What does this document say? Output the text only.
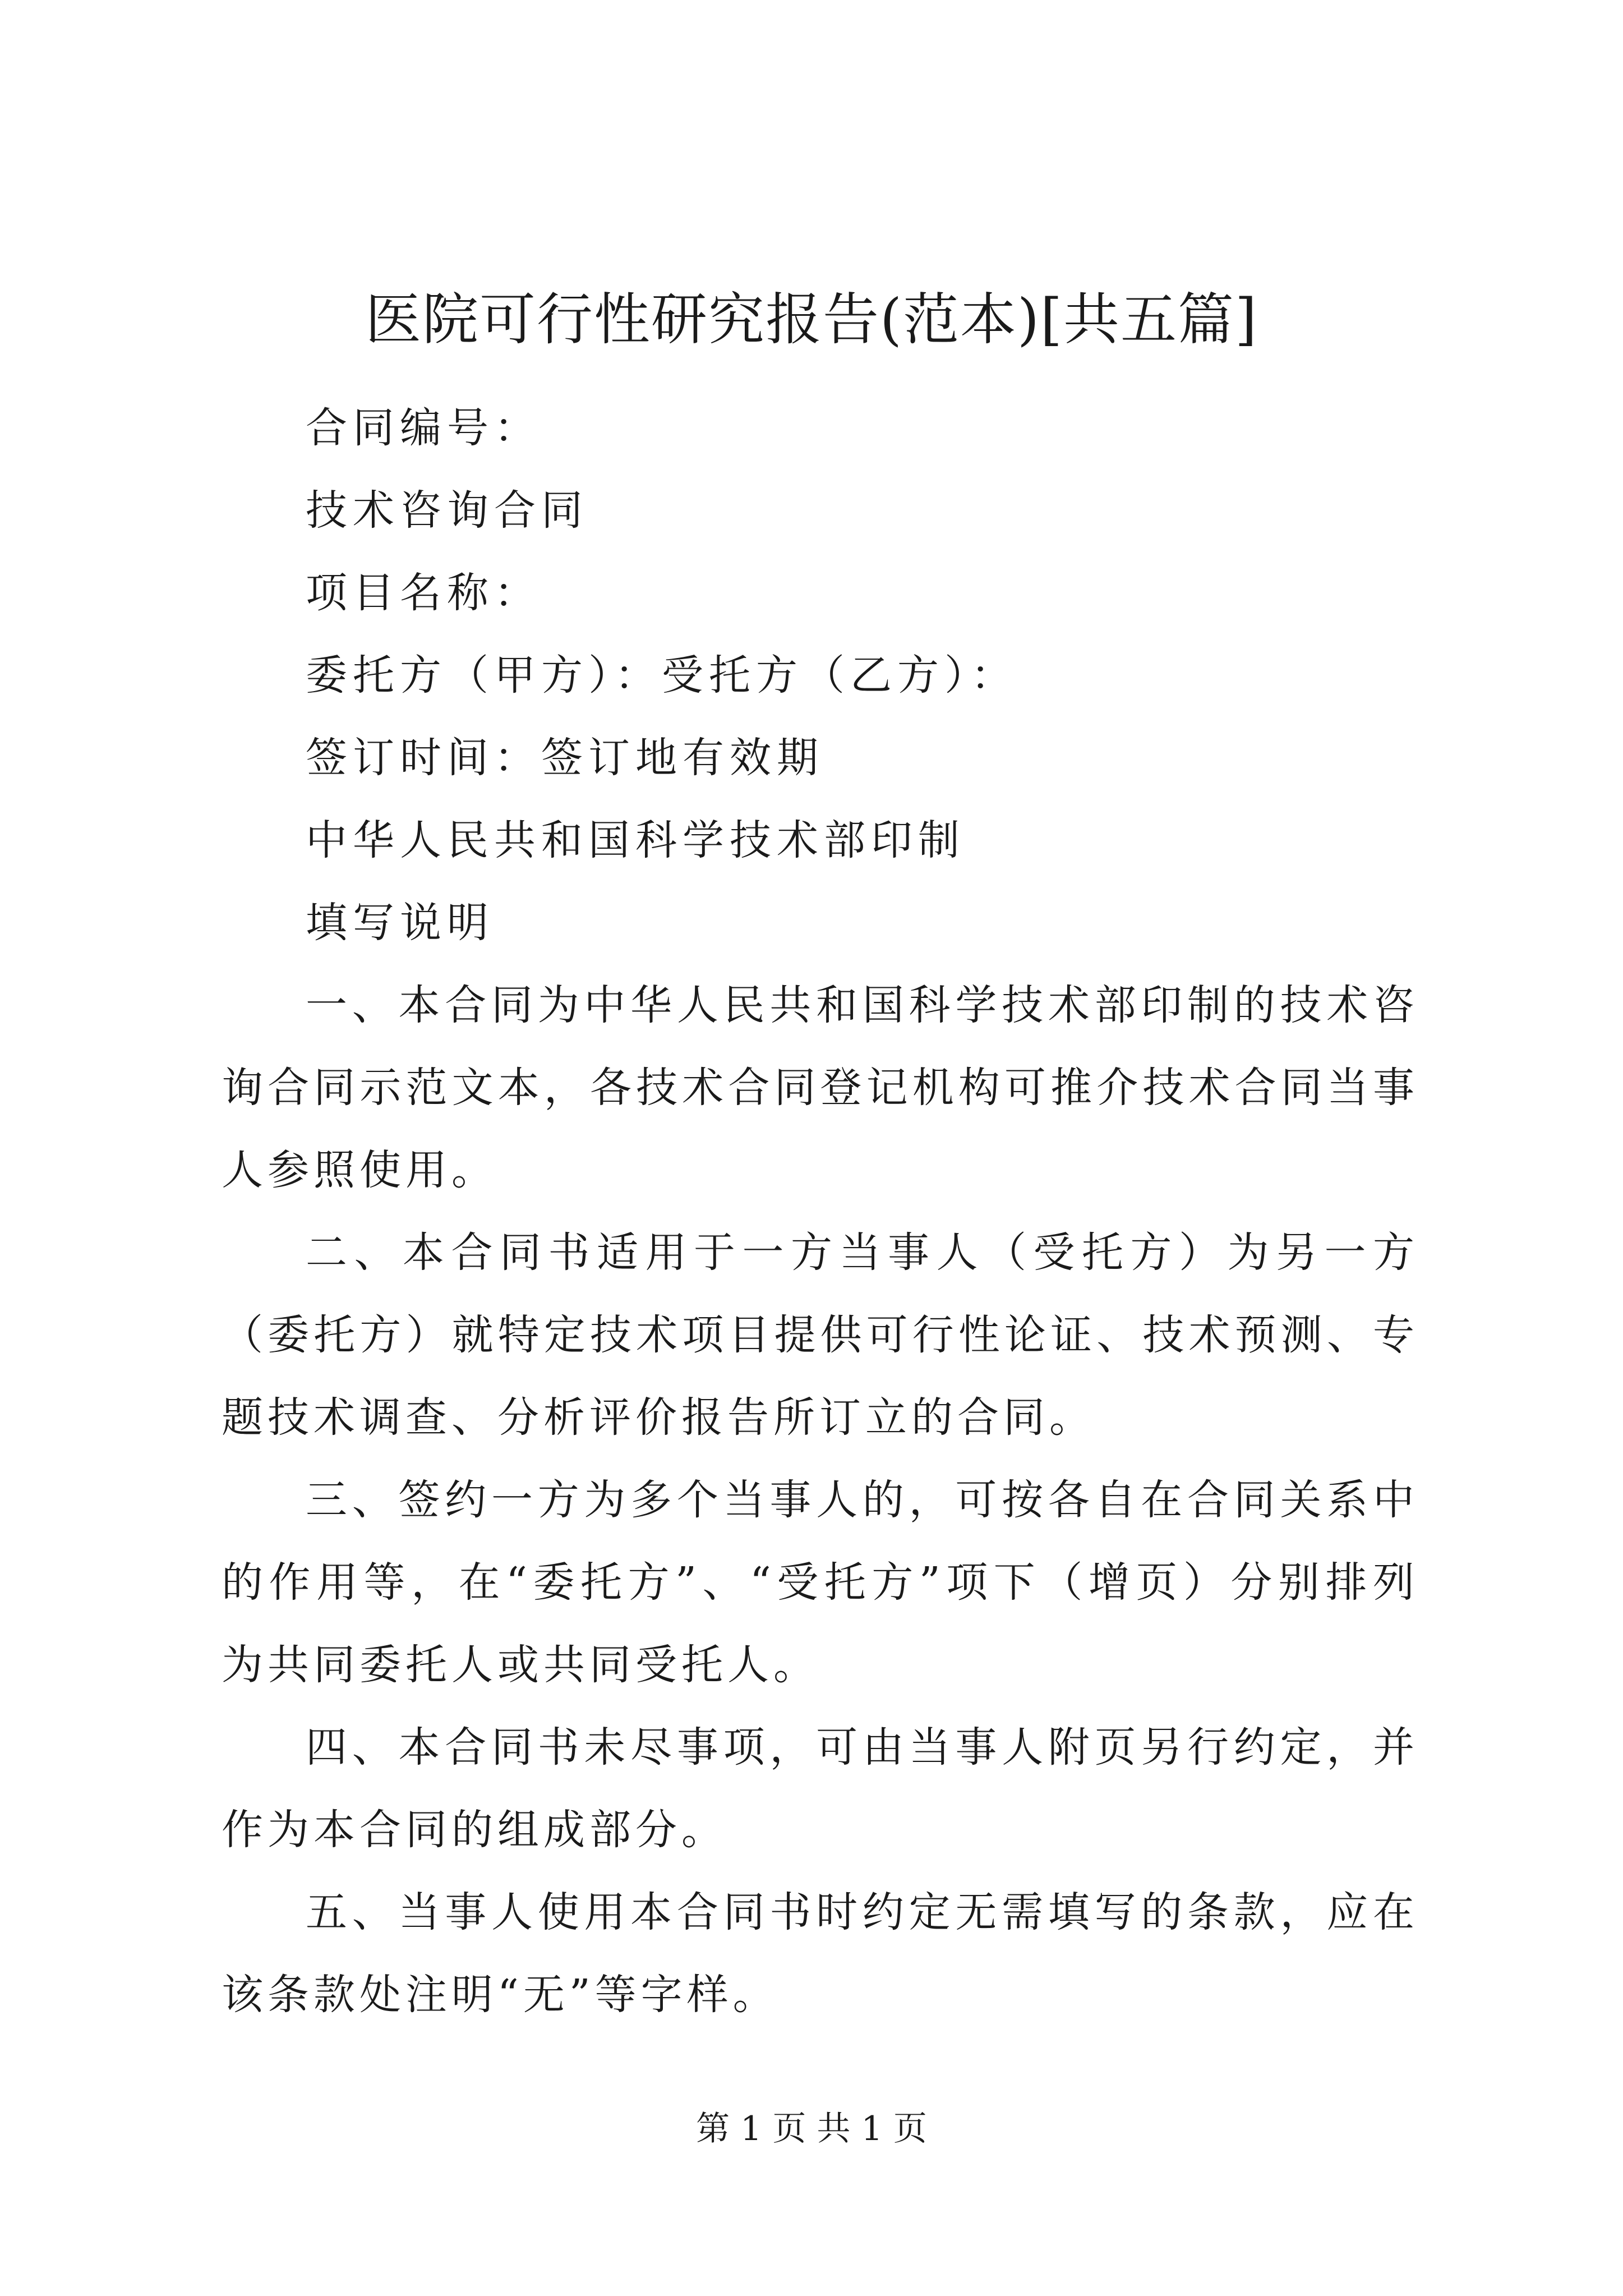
医院可行性研究报告(范本)[共五篇]
合同编号：
技术咨询合同
项目名称：
委托方（甲方）：受托方（乙方）：
签订时间：签订地有效期
中华人民共和国科学技术部印制
填写说明

一、本合同为中华人民共和国科学技术部印制的技术咨询合同示范文本，各技术合同登记机构可推介技术合同当事人参照使用。

二、本合同书适用于一方当事人（受托方）为另一方（委托方）就特定技术项目提供可行性论证、技术预测、专题技术调查、分析评价报告所订立的合同。

三、签约一方为多个当事人的，可按各自在合同关系中的作用等，在“委托方”、“受托方”项下（增页）分别排列为共同委托人或共同受托人。

四、本合同书未尽事项，可由当事人附页另行约定，并作为本合同的组成部分。

五、当事人使用本合同书时约定无需填写的条款，应在该条款处注明“无”等字样。

第 1 页 共 1 页
